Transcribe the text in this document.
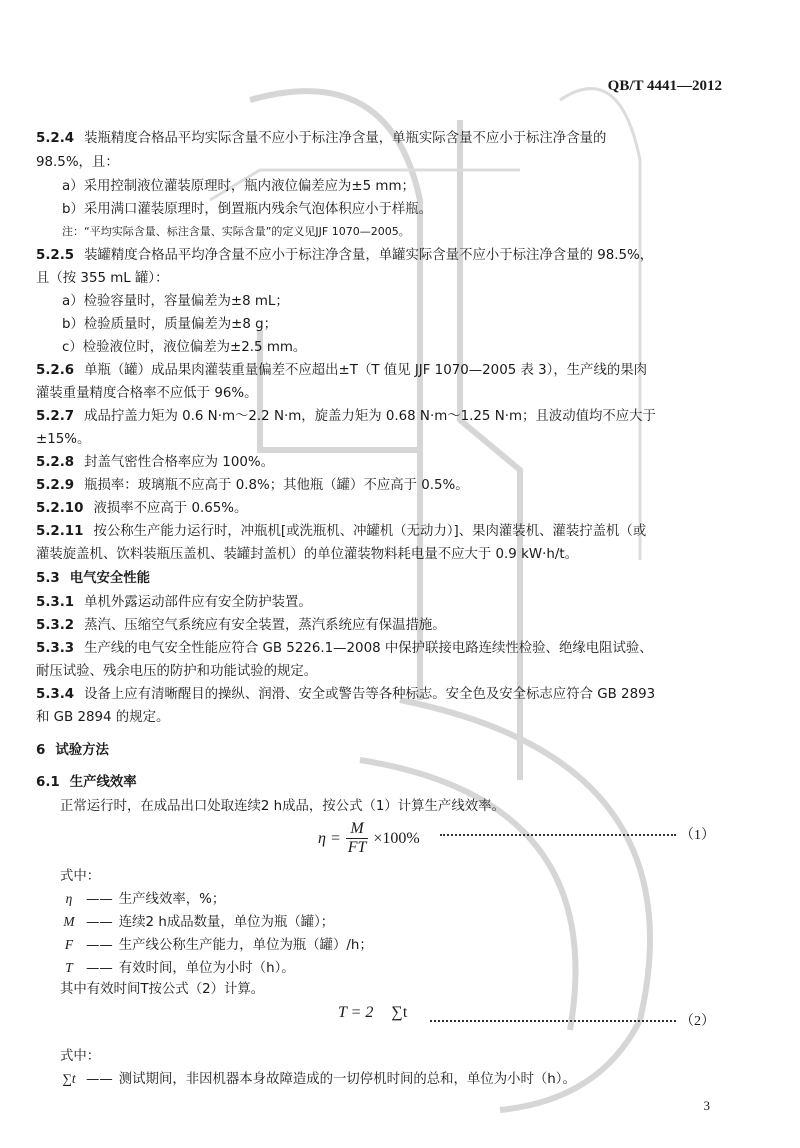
QB/T 4441—2012
5.2.4 装瓶精度合格品平均实际含量不应小于标注净含量，单瓶实际含量不应小于标注净含量的
98.5%，且：
a）采用控制液位灌装原理时，瓶内液位偏差应为±5 mm；
b）采用满口灌装原理时，倒置瓶内残余气泡体积应小于样瓶。
注：“平均实际含量、标注含量、实际含量”的定义见JJF 1070—2005。
5.2.5 装罐精度合格品平均净含量不应小于标注净含量，单罐实际含量不应小于标注净含量的 98.5%，
且（按 355 mL 罐）：
a）检验容量时，容量偏差为±8 mL；
b）检验质量时，质量偏差为±8 g；
c）检验液位时，液位偏差为±2.5 mm。
5.2.6 单瓶（罐）成品果肉灌装重量偏差不应超出±T（T 值见 JJF 1070—2005 表 3），生产线的果肉
灌装重量精度合格率不应低于 96%。
5.2.7 成品拧盖力矩为 0.6 N·m～2.2 N·m，旋盖力矩为 0.68 N·m～1.25 N·m；且波动值均不应大于
±15%。
5.2.8 封盖气密性合格率应为 100%。
5.2.9 瓶损率：玻璃瓶不应高于 0.8%；其他瓶（罐）不应高于 0.5%。
5.2.10 液损率不应高于 0.65%。
5.2.11 按公称生产能力运行时，冲瓶机[或洗瓶机、冲罐机（无动力）]、果肉灌装机、灌装拧盖机（或
灌装旋盖机、饮料装瓶压盖机、装罐封盖机）的单位灌装物料耗电量不应大于 0.9 kW·h/t。
5.3 电气安全性能
5.3.1 单机外露运动部件应有安全防护装置。
5.3.2 蒸汽、压缩空气系统应有安全装置，蒸汽系统应有保温措施。
5.3.3 生产线的电气安全性能应符合 GB 5226.1—2008 中保护联接电路连续性检验、绝缘电阻试验、
耐压试验、残余电压的防护和功能试验的规定。
5.3.4 设备上应有清晰醒目的操纵、润滑、安全或警告等各种标志。安全色及安全标志应符合 GB 2893
和 GB 2894 的规定。
6 试验方法
6.1 生产线效率
正常运行时，在成品出口处取连续2 h成品，按公式（1）计算生产线效率。
$\eta = \frac{M}{FT} \times 100\%$	（1）
式中：
η —— 生产线效率，%；
M —— 连续2 h成品数量，单位为瓶（罐）；
F —— 生产线公称生产能力，单位为瓶（罐）/h；
T —— 有效时间，单位为小时（h）。
其中有效时间T按公式（2）计算。
T = 2 ∑t
（2）
式中：
∑t —— 测试期间，非因机器本身故障造成的一切停机时间的总和，单位为小时（h）。
3
